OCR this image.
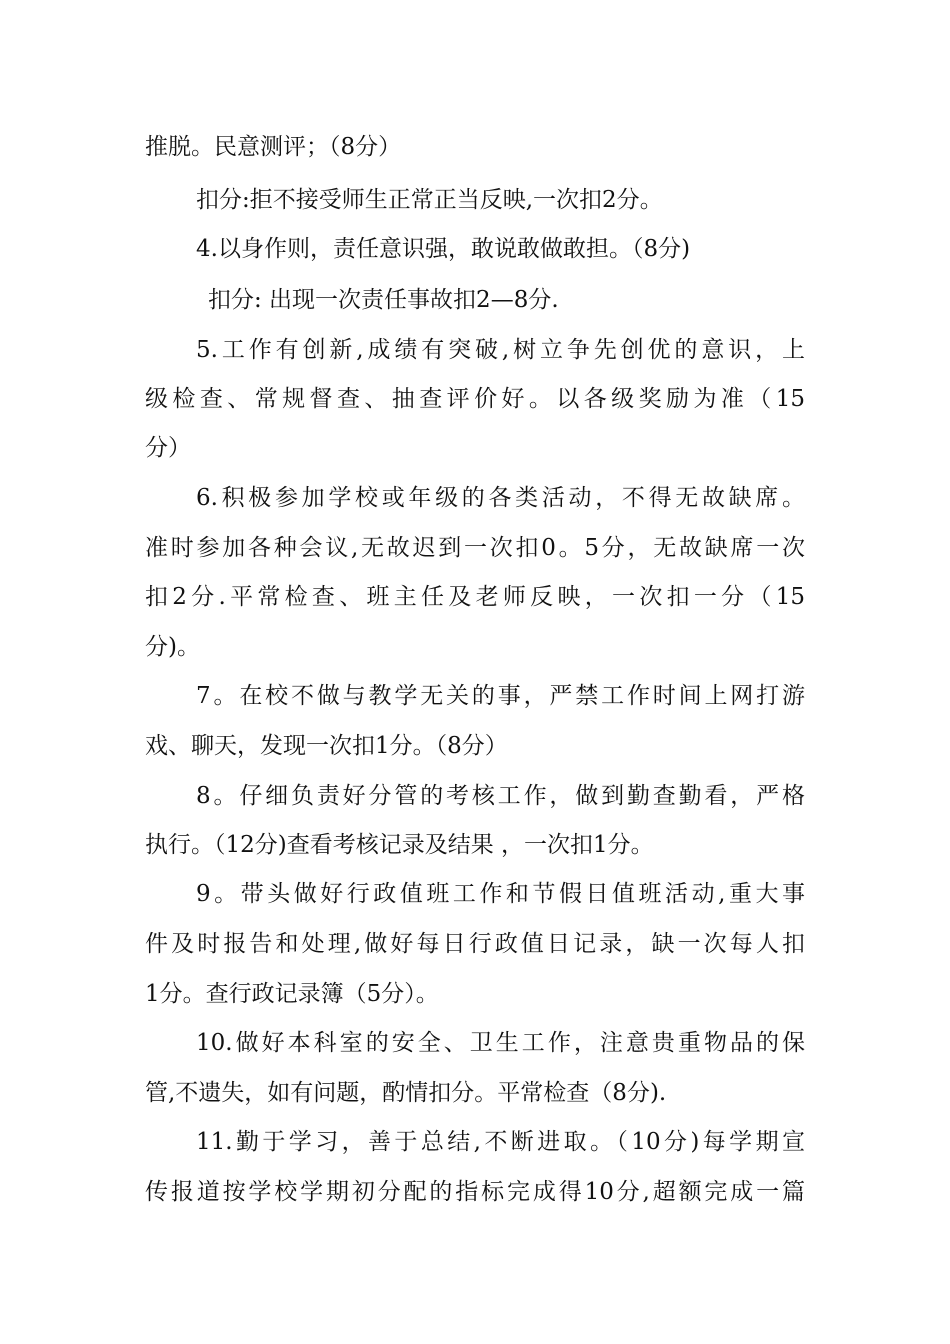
推脱。民意测评；（8分）
扣分:拒不接受师生正常正当反映,一次扣2分。
4.以身作则，责任意识强，敢说敢做敢担。（8分)
扣分: 出现一次责任事故扣2—8分.
5.工作有创新,成绩有突破,树立争先创优的意识，上
级检查、常规督查、抽查评价好。以各级奖励为准（15
分）
6.积极参加学校或年级的各类活动，不得无故缺席。
准时参加各种会议,无故迟到一次扣0。5分，无故缺席一次
扣2分.平常检查、班主任及老师反映，一次扣一分（15
分)。
7。在校不做与教学无关的事，严禁工作时间上网打游
戏、聊天，发现一次扣1分。（8分）
8。仔细负责好分管的考核工作，做到勤查勤看，严格
执行。（12分)查看考核记录及结果 ，一次扣1分。
9。带头做好行政值班工作和节假日值班活动,重大事
件及时报告和处理,做好每日行政值日记录，缺一次每人扣
1分。查行政记录簿（5分）。
10.做好本科室的安全、卫生工作，注意贵重物品的保
管,不遗失，如有问题，酌情扣分。平常检查（8分).
11.勤于学习，善于总结,不断进取。（10分)每学期宣
传报道按学校学期初分配的指标完成得10分,超额完成一篇
